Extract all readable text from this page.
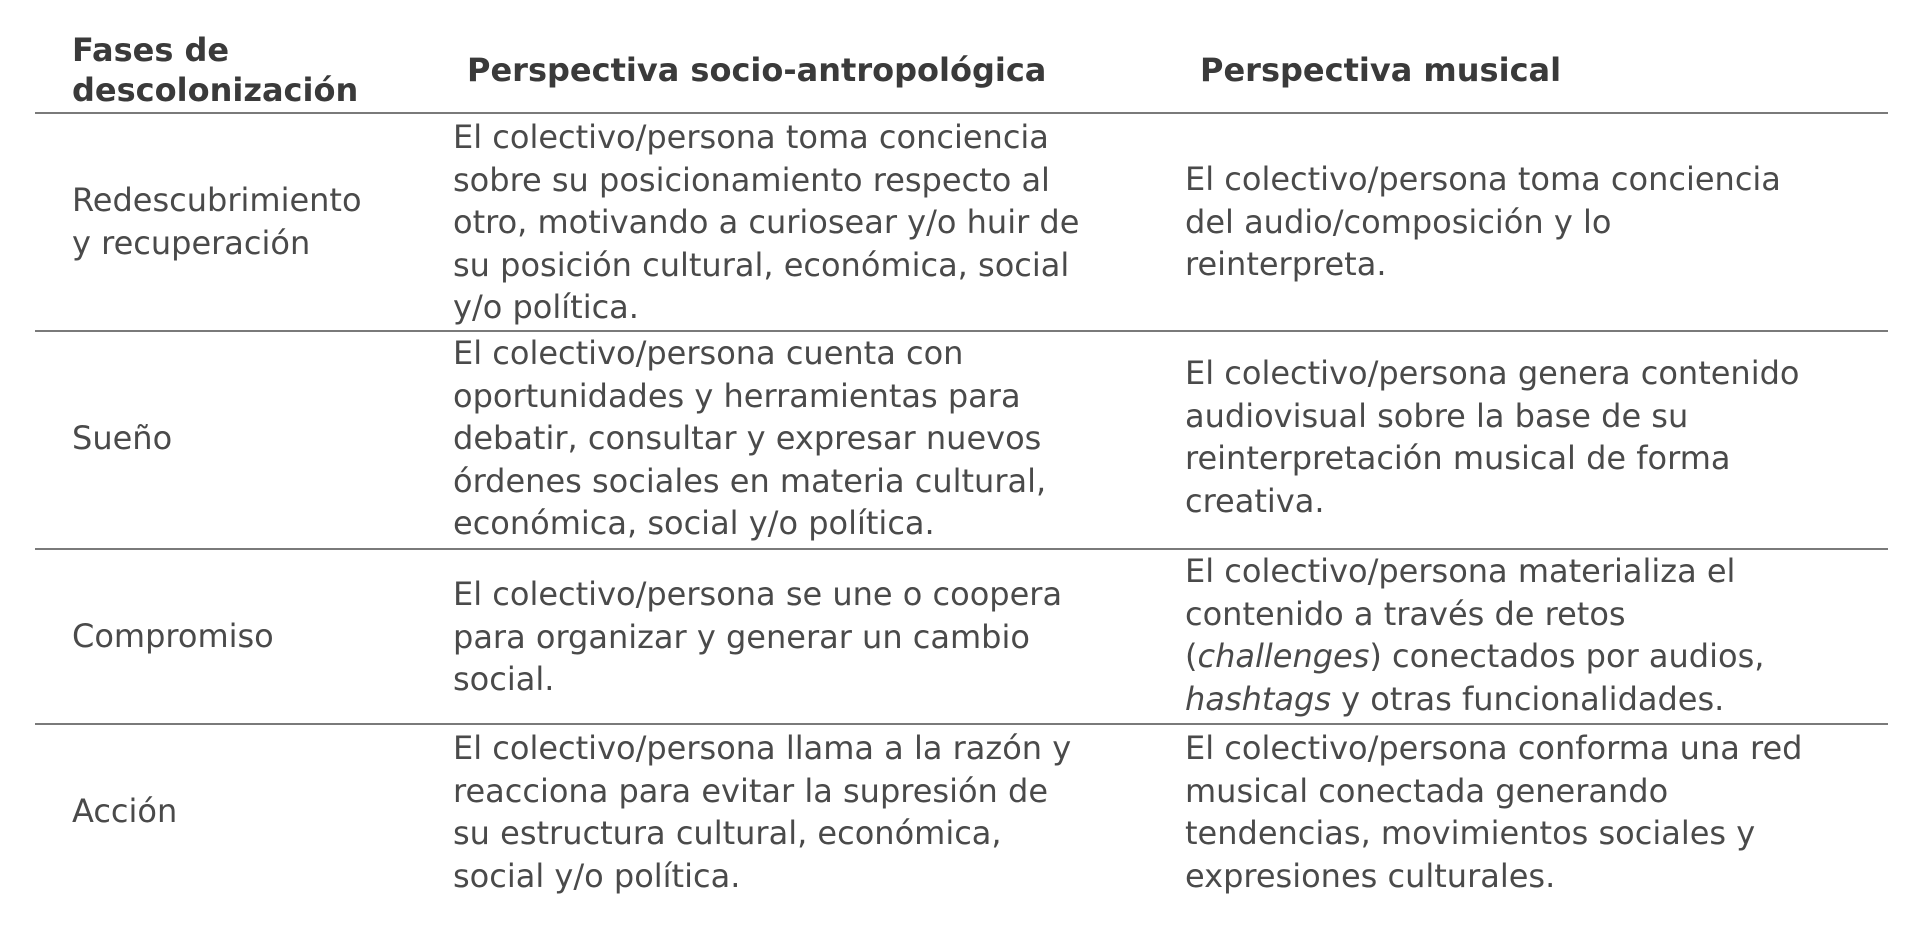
Fases de
descolonización
Perspectiva socio-antropológica	Perspectiva musical
Redescubrimiento
y recuperación
El colectivo/persona toma conciencia
sobre su posicionamiento respecto al
otro, motivando a curiosear y/o huir de
su posición cultural, económica, social
y/o política.
El colectivo/persona toma conciencia
del audio/composición y lo
reinterpreta.
Sueño
El colectivo/persona cuenta con
oportunidades y herramientas para
debatir, consultar y expresar nuevos
órdenes sociales en materia cultural,
económica, social y/o política.
El colectivo/persona genera contenido
audiovisual sobre la base de su
reinterpretación musical de forma
creativa.
Compromiso
El colectivo/persona se une o coopera
para organizar y generar un cambio
social.
El colectivo/persona materializa el
contenido a través de retos
(challenges) conectados por audios,
hashtags y otras funcionalidades.
Acción
El colectivo/persona llama a la razón y
reacciona para evitar la supresión de
su estructura cultural, económica,
social y/o política.
El colectivo/persona conforma una red
musical conectada generando
tendencias, movimientos sociales y
expresiones culturales.
